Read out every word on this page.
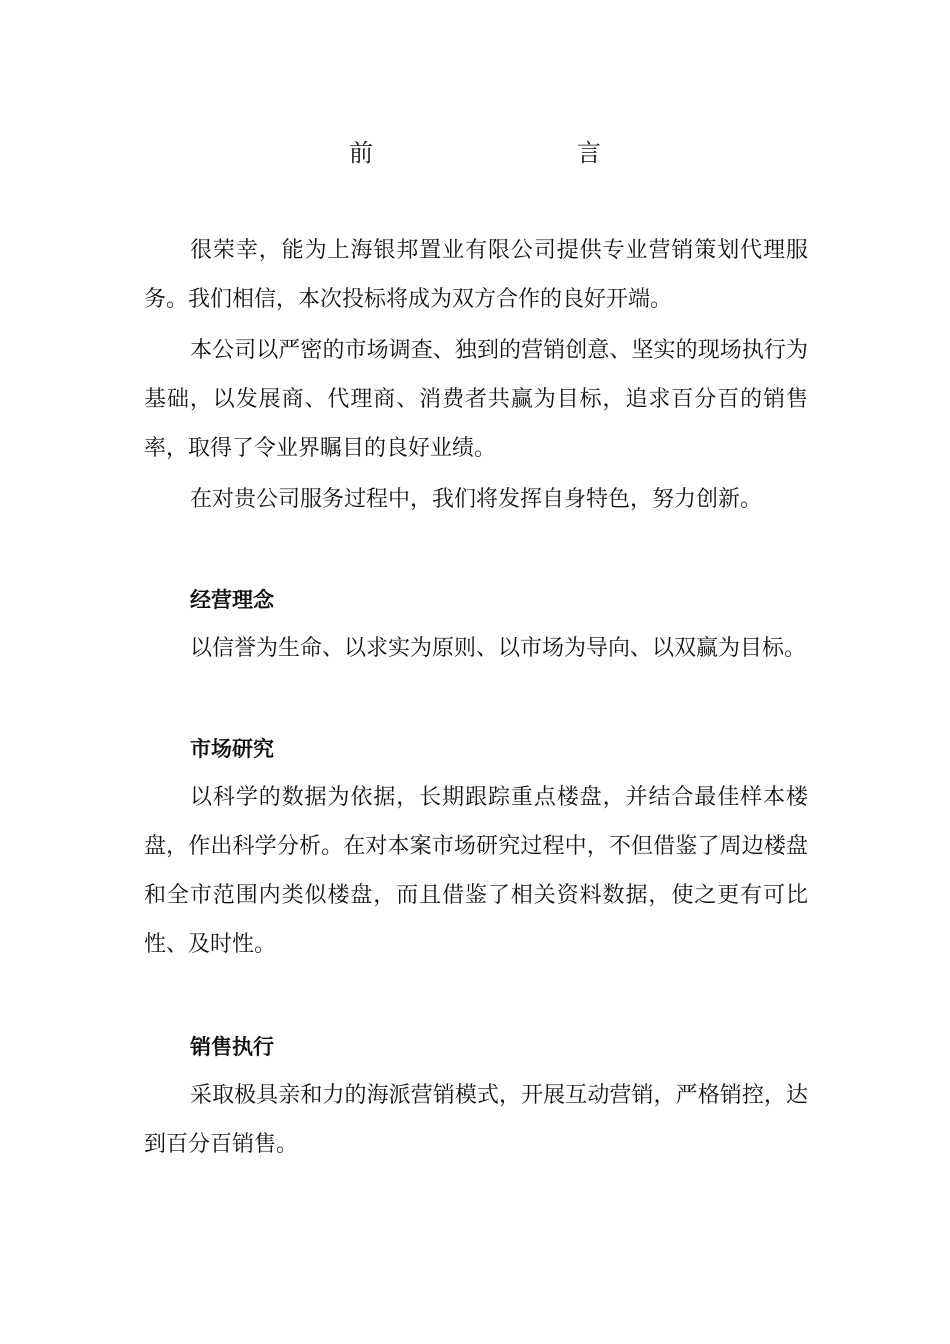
前　言

很荣幸，能为上海银邦置业有限公司提供专业营销策划代理服务。我们相信，本次投标将成为双方合作的良好开端。

本公司以严密的市场调查、独到的营销创意、坚实的现场执行为基础，以发展商、代理商、消费者共赢为目标，追求百分百的销售率，取得了令业界瞩目的良好业绩。

在对贵公司服务过程中，我们将发挥自身特色，努力创新。

经营理念

以信誉为生命、以求实为原则、以市场为导向、以双赢为目标。

市场研究

以科学的数据为依据，长期跟踪重点楼盘，并结合最佳样本楼盘，作出科学分析。在对本案市场研究过程中，不但借鉴了周边楼盘和全市范围内类似楼盘，而且借鉴了相关资料数据，使之更有可比性、及时性。

销售执行

采取极具亲和力的海派营销模式，开展互动营销，严格销控，达到百分百销售。
